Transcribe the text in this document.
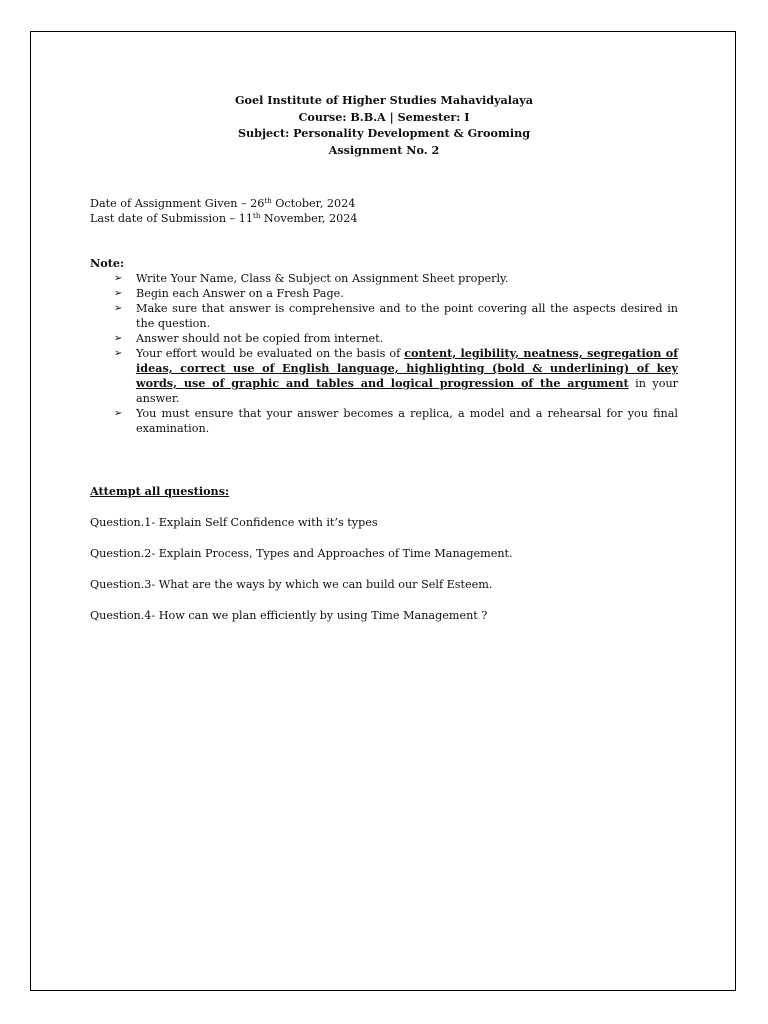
Goel Institute of Higher Studies Mahavidyalaya
Course: B.B.A | Semester: I
Subject: Personality Development & Grooming
Assignment No. 2
Date of Assignment Given – 26th October, 2024
Last date of Submission – 11th November, 2024
Note:
➢ Write Your Name, Class & Subject on Assignment Sheet properly.
➢ Begin each Answer on a Fresh Page.
➢ Make sure that answer is comprehensive and to the point covering all the aspects desired in the question.
➢ Answer should not be copied from internet.
➢ Your effort would be evaluated on the basis of content, legibility, neatness, segregation of ideas, correct use of English language, highlighting (bold & underlining) of key words, use of graphic and tables and logical progression of the argument in your answer.
➢ You must ensure that your answer becomes a replica, a model and a rehearsal for you final examination.
Attempt all questions:
Question.1- Explain Self Confidence with it’s types
Question.2- Explain Process, Types and Approaches of Time Management.
Question.3- What are the ways by which we can build our Self Esteem.
Question.4- How can we plan efficiently by using Time Management ?
